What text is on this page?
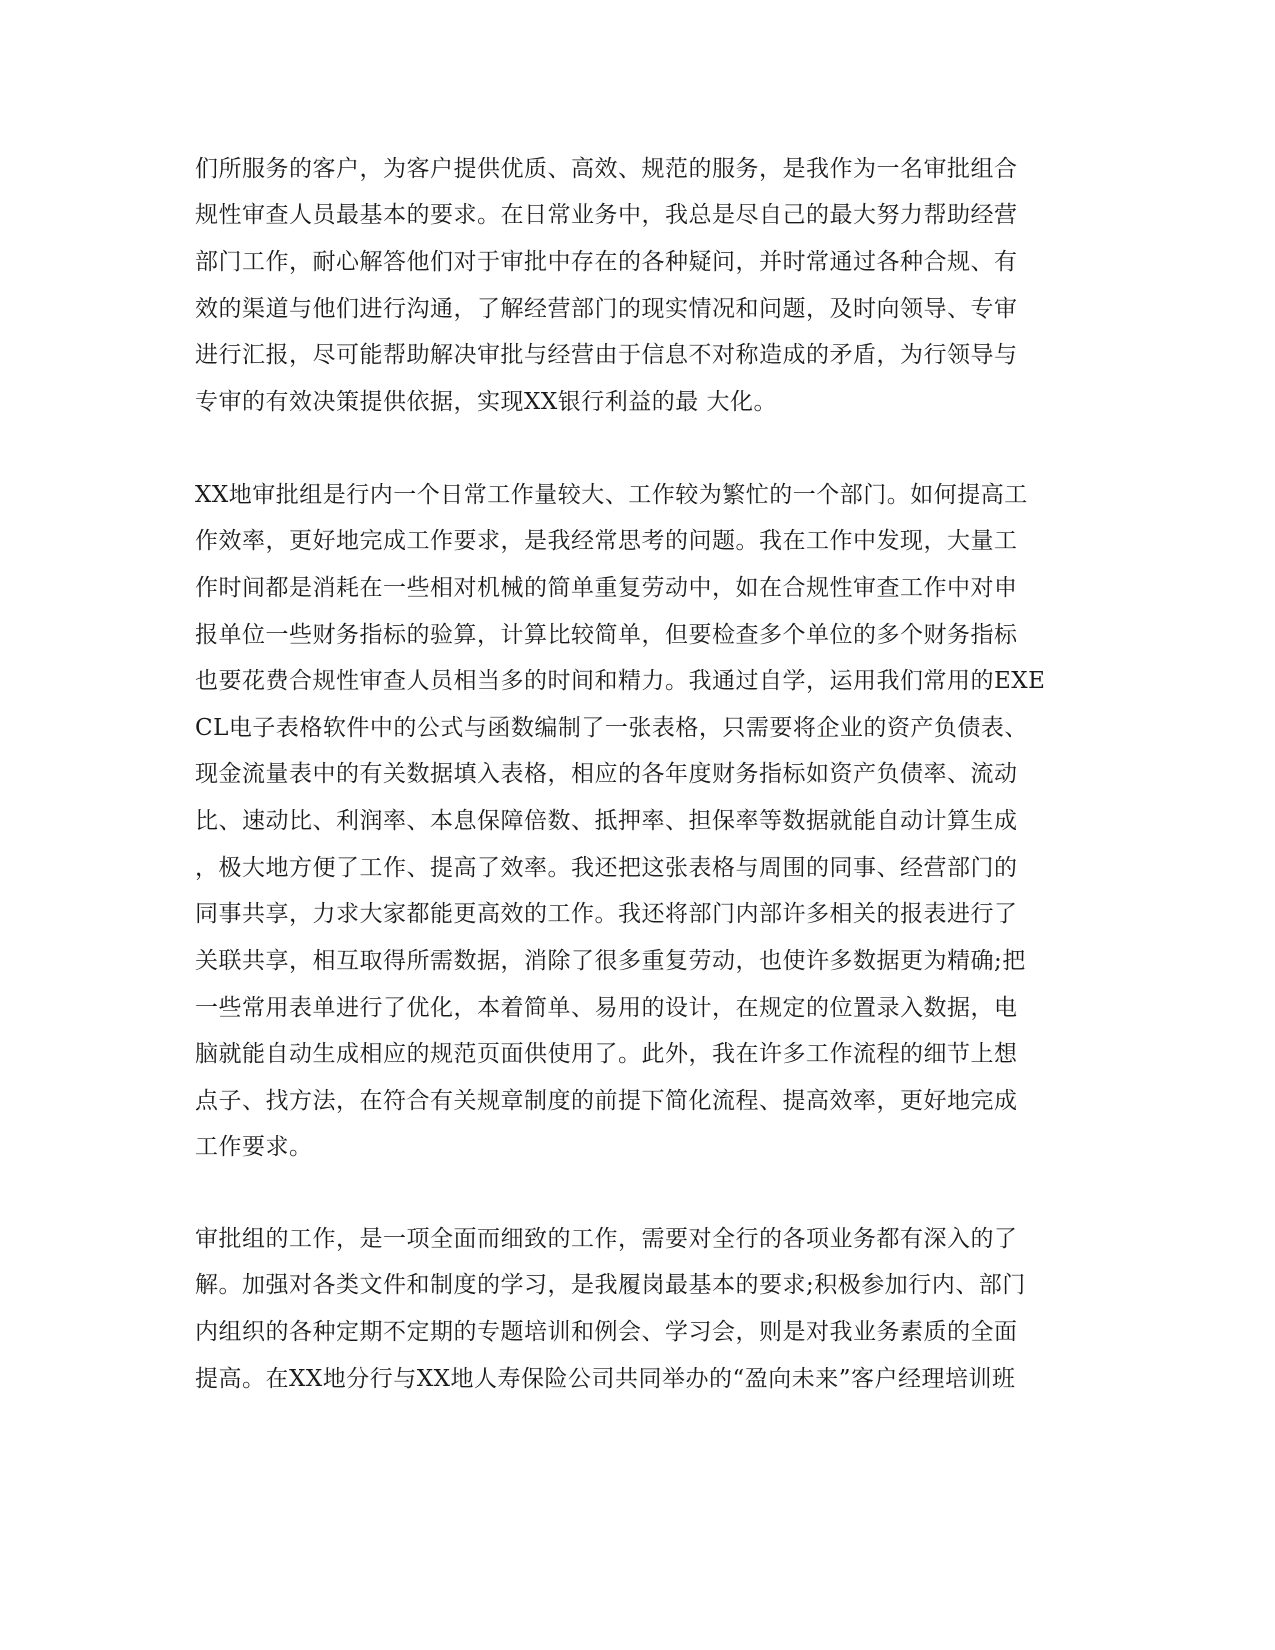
们所服务的客户，为客户提供优质、高效、规范的服务，是我作为一名审批组合

规性审查人员最基本的要求。在日常业务中，我总是尽自己的最大努力帮助经营

部门工作，耐心解答他们对于审批中存在的各种疑问，并时常通过各种合规、有

效的渠道与他们进行沟通，了解经营部门的现实情况和问题，及时向领导、专审

进行汇报，尽可能帮助解决审批与经营由于信息不对称造成的矛盾，为行领导与

专审的有效决策提供依据，实现XX银行利益的最 大化。

XX地审批组是行内一个日常工作量较大、工作较为繁忙的一个部门。如何提高工

作效率，更好地完成工作要求，是我经常思考的问题。我在工作中发现，大量工

作时间都是消耗在一些相对机械的简单重复劳动中，如在合规性审查工作中对申

报单位一些财务指标的验算，计算比较简单，但要检查多个单位的多个财务指标

也要花费合规性审查人员相当多的时间和精力。我通过自学，运用我们常用的EXE

CL电子表格软件中的公式与函数编制了一张表格，只需要将企业的资产负债表、

现金流量表中的有关数据填入表格，相应的各年度财务指标如资产负债率、流动

比、速动比、利润率、本息保障倍数、抵押率、担保率等数据就能自动计算生成

，极大地方便了工作、提高了效率。我还把这张表格与周围的同事、经营部门的

同事共享，力求大家都能更高效的工作。我还将部门内部许多相关的报表进行了

关联共享，相互取得所需数据，消除了很多重复劳动，也使许多数据更为精确;把

一些常用表单进行了优化，本着简单、易用的设计，在规定的位置录入数据，电

脑就能自动生成相应的规范页面供使用了。此外，我在许多工作流程的细节上想

点子、找方法，在符合有关规章制度的前提下简化流程、提高效率，更好地完成

工作要求。

审批组的工作，是一项全面而细致的工作，需要对全行的各项业务都有深入的了

解。加强对各类文件和制度的学习，是我履岗最基本的要求;积极参加行内、部门

内组织的各种定期不定期的专题培训和例会、学习会，则是对我业务素质的全面

提高。在XX地分行与XX地人寿保险公司共同举办的“盈向未来”客户经理培训班
